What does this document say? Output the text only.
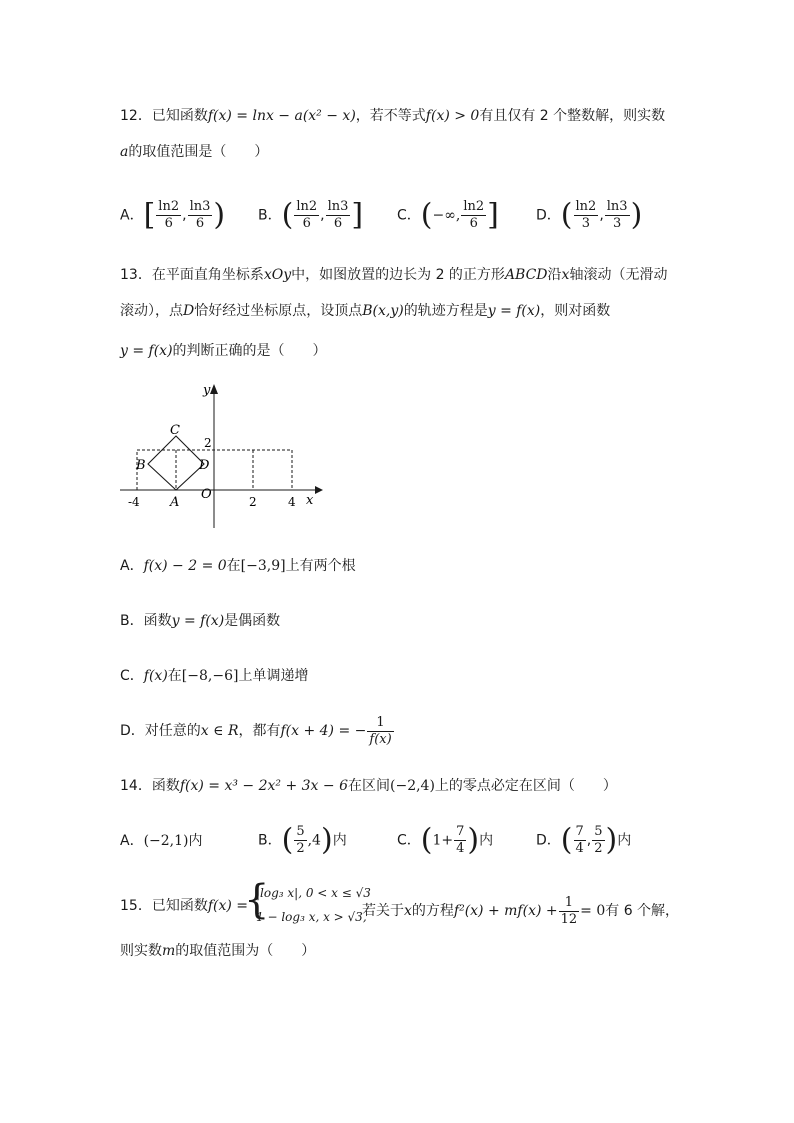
12．已知函数f(x) = lnx − a(x² − x)，若不等式f(x) > 0有且仅有 2 个整数解，则实数
a的取值范围是（　　）
A．[ $\frac{\ln 2}{6}$ , $\frac{\ln 3}{6}$ ) B．( $\frac{\ln 2}{6}$ , $\frac{\ln 3}{6}$ ] C．(−∞, $\frac{\ln 2}{6}$ ]	D．( $\frac{\ln 2}{3}$ , $\frac{\ln 3}{3}$ )
13．在平面直角坐标系xOy中，如图放置的边长为 2 的正方形ABCD沿x轴滚动（无滑动
滚动），点D恰好经过坐标原点，设顶点B(x,y)的轨迹方程是y = f(x)，则对函数
y = f(x)的判断正确的是（　　）
y
x
C
B	D
A
O
2
-4	2	4
A．f(x) − 2 = 0在[−3,9]上有两个根
B．函数y = f(x)是偶函数
C．f(x)在[−8,−6]上单调递增
D．对任意的x ∈ R，都有f(x + 4) = − $\frac{1}{f(x)}$
14．函数f(x) = x³ − 2x² + 3x − 6在区间(−2,4)上的零点必定在区间（　　）
A．(−2,1)内	B．( $\frac{5}{2} ,4$)内	C．($1+ \frac{7}{4}$ )内	D．( $\frac{7}{4}$ , $\frac{5}{2}$ )内
15．已知函数f(x) =
{
|log₃ x|, 0 < x ≤ √3
1 − log₃ x, x > √3,
若关于x的方程$f^2(x) + mf(x) + \frac{1}{12} = 0$有 6 个解，
则实数m的取值范围为（　　）
